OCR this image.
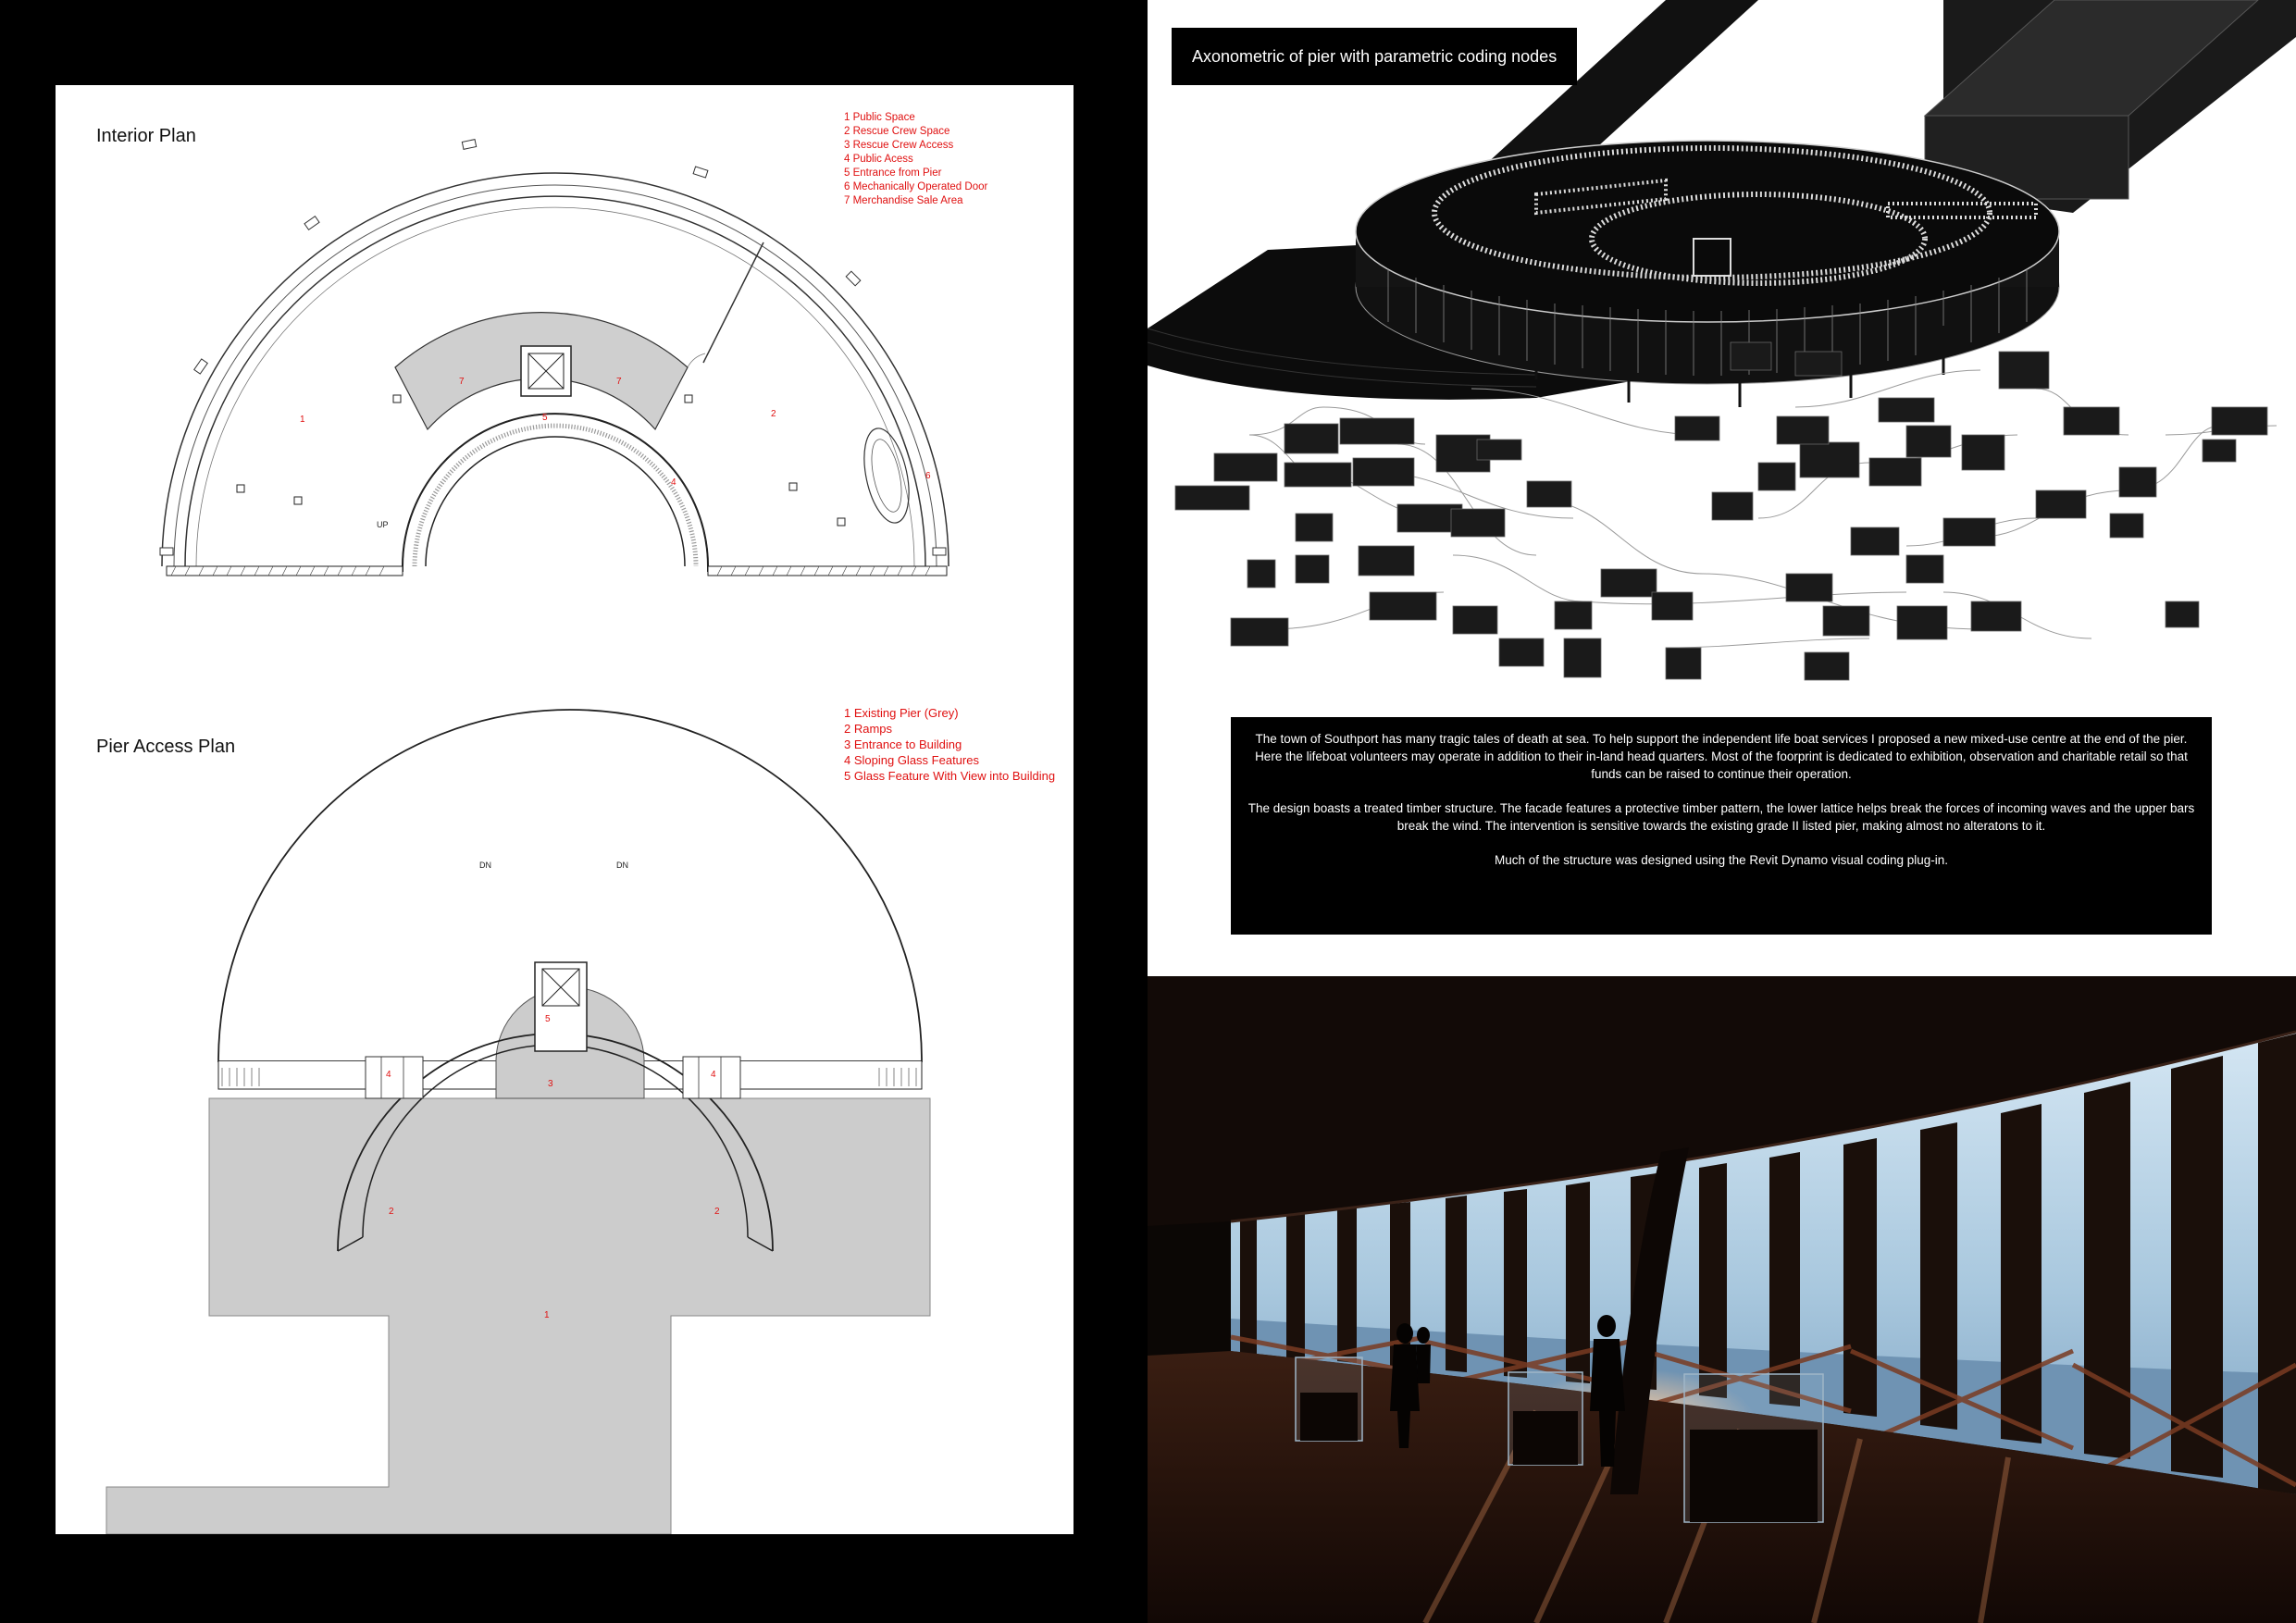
1
2
7	7
5
4
6
UP
1
2	2
3
4	4
5
DN	DN
Interior Plan
1 Public Space
2 Rescue Crew Space
3 Rescue Crew Access
4 Public Acess
5 Entrance from Pier
6 Mechanically Operated Door
7 Merchandise Sale Area
Pier Access Plan
1 Existing Pier (Grey)
2 Ramps
3 Entrance to Building
4 Sloping Glass Features
5 Glass Feature With View into Building
Axonometric of pier with parametric coding nodes

The town of Southport has many tragic tales of death at sea. To help support the independent life boat services I proposed a new mixed-use centre at the end of the pier. Here the lifeboat volunteers may operate in addition to their in-land head quarters. Most of the foorprint is dedicated to exhibition, observation and charitable retail so that funds can be raised to continue their operation.

The design boasts a treated timber structure. The facade features a protective timber pattern, the lower lattice helps break the forces of incoming waves and the upper bars break the wind. The intervention is sensitive towards the existing grade II listed pier, making almost no alteratons to it.

Much of the structure was designed using the Revit Dynamo visual coding plug-in.
